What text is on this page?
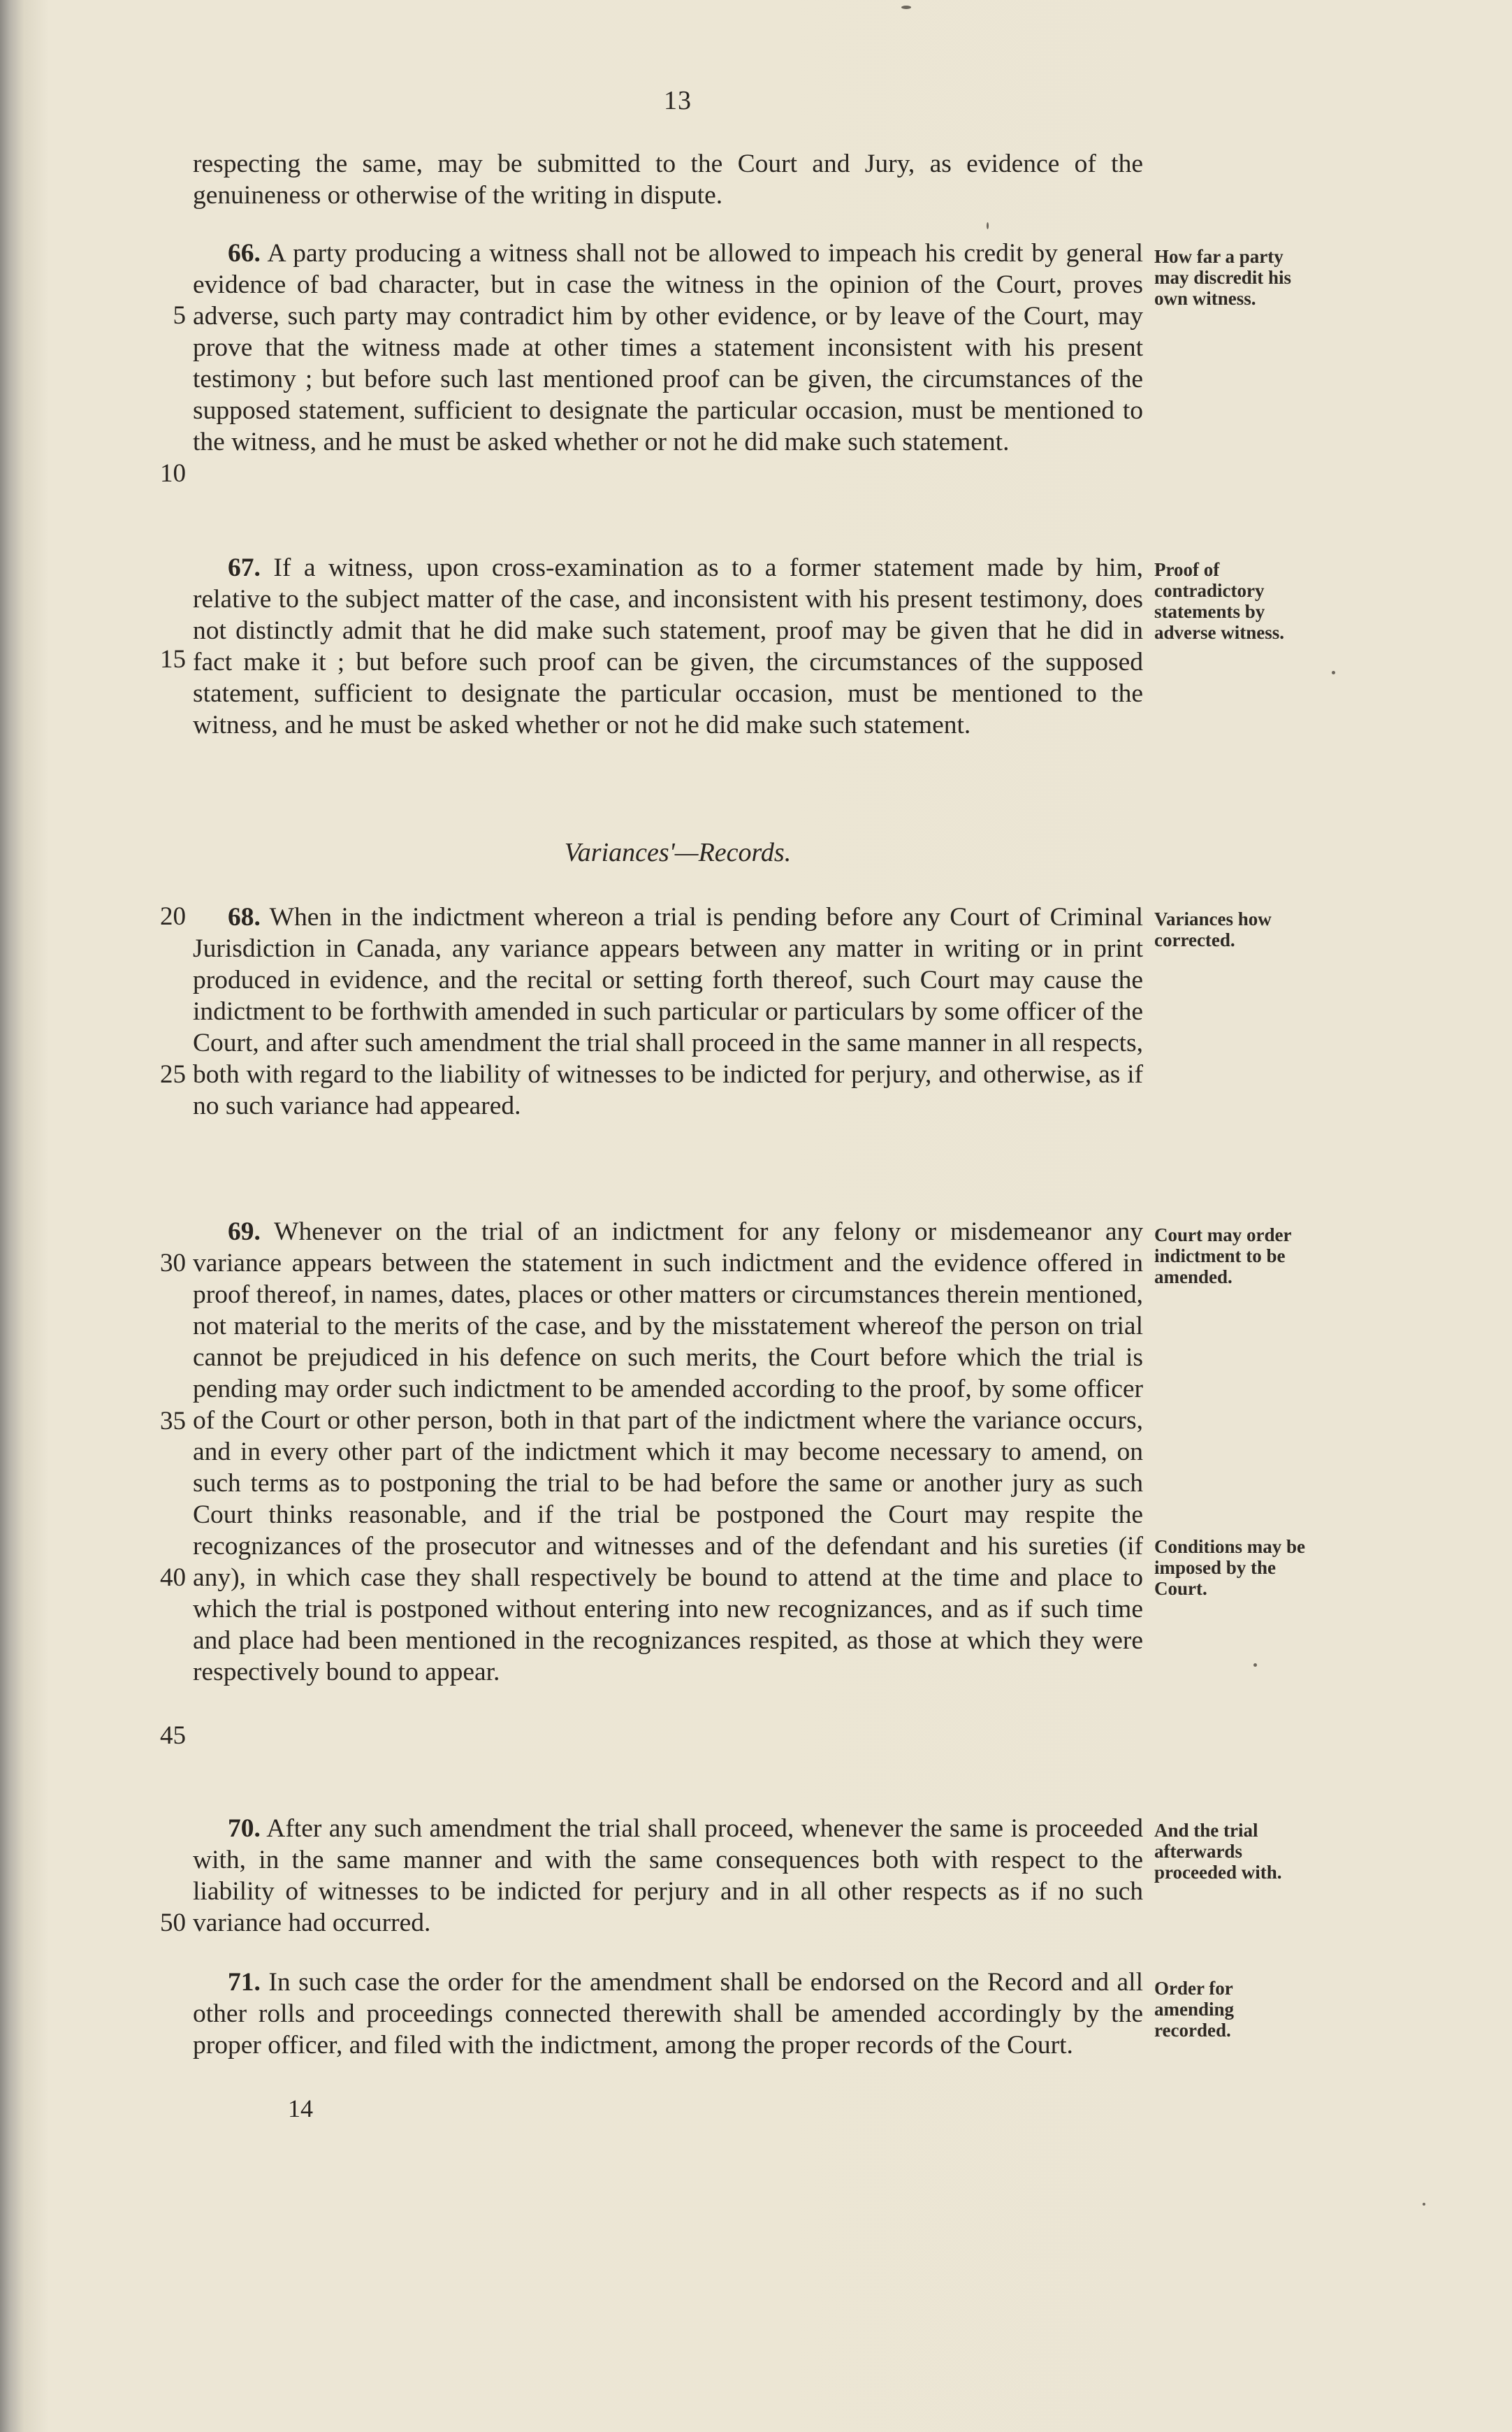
13

respecting the same, may be submitted to the Court and Jury, as evidence of the genuineness or otherwise of the writing in dispute.

66. A party producing a witness shall not be allowed to impeach his credit by general evidence of bad character, but in case the witness in the opinion of the Court, proves adverse, such party may contradict him by other evidence, or by leave of the Court, may prove that the witness made at other times a statement inconsistent with his present testimony ; but before such last mentioned proof can be given, the circumstances of the supposed statement, sufficient to designate the particular occasion, must be mentioned to the witness, and he must be asked whether or not he did make such statement.

How far a party may discredit his own witness.

67. If a witness, upon cross-examination as to a former statement made by him, relative to the subject matter of the case, and inconsistent with his present testimony, does not distinctly admit that he did make such statement, proof may be given that he did in fact make it ; but before such proof can be given, the circumstances of the supposed statement, sufficient to designate the particular occasion, must be mentioned to the witness, and he must be asked whether or not he did make such statement.

Proof of contradictory statements by adverse witness.
Variances'—Records.

68. When in the indictment whereon a trial is pending before any Court of Criminal Jurisdiction in Canada, any variance appears between any matter in writing or in print produced in evidence, and the recital or setting forth thereof, such Court may cause the indictment to be forthwith amended in such particular or particulars by some officer of the Court, and after such amendment the trial shall proceed in the same manner in all respects, both with regard to the liability of witnesses to be indicted for perjury, and otherwise, as if no such variance had appeared.

Variances how corrected.

69. Whenever on the trial of an indictment for any felony or misdemeanor any variance appears between the statement in such indictment and the evidence offered in proof thereof, in names, dates, places or other matters or circumstances therein mentioned, not material to the merits of the case, and by the misstatement whereof the person on trial cannot be prejudiced in his defence on such merits, the Court before which the trial is pending may order such indictment to be amended according to the proof, by some officer of the Court or other person, both in that part of the indictment where the variance occurs, and in every other part of the indictment which it may become necessary to amend, on such terms as to postponing the trial to be had before the same or another jury as such Court thinks reasonable, and if the trial be postponed the Court may respite the recognizances of the prosecutor and witnesses and of the defendant and his sureties (if any), in which case they shall respectively be bound to attend at the time and place to which the trial is postponed without entering into new recognizances, and as if such time and place had been mentioned in the recognizances respited, as those at which they were respectively bound to appear.

Court may order indictment to be amended.
Conditions may be imposed by the Court.

70. After any such amendment the trial shall proceed, whenever the same is proceeded with, in the same manner and with the same consequences both with respect to the liability of witnesses to be indicted for perjury and in all other respects as if no such variance had occurred.

And the trial afterwards proceeded with.

71. In such case the order for the amendment shall be endorsed on the Record and all other rolls and proceedings connected therewith shall be amended accordingly by the proper officer, and filed with the indictment, among the proper records of the Court.

Order for amending recorded.
5
10
15
20
25
30
35
40
45
50
14
